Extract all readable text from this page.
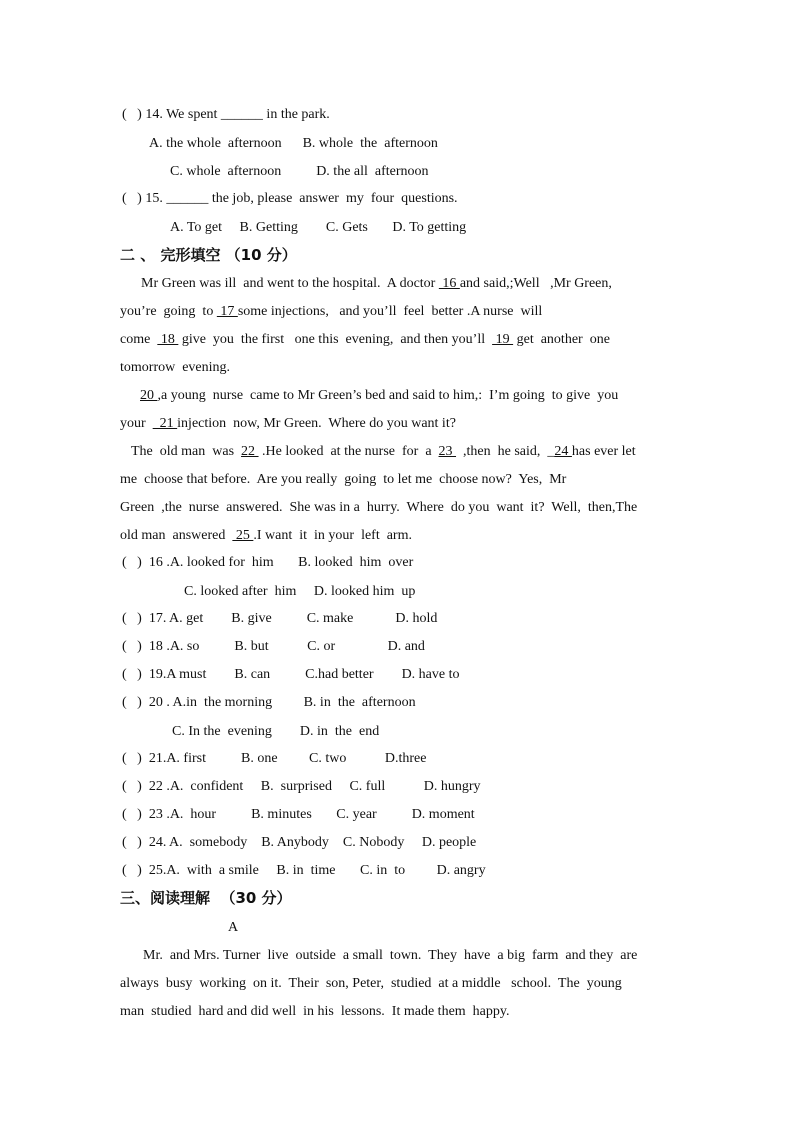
(   ) 14. We spent ______ in the park.
A. the whole  afternoon      B. whole  the  afternoon
C. whole  afternoon          D. the all  afternoon
(   ) 15. ______ the job, please  answer  my  four  questions.
A. To get     B. Getting        C. Gets       D. To getting
二 、 完形填空 （10 分）
Mr Green was ill  and went to the hospital.  A doctor  16 and said,;Well   ,Mr Green,
you’re  going  to  17 some injections,   and you’ll  feel  better .A nurse  will
come   18  give  you  the first   one this  evening,  and then you’ll   19  get  another  one
tomorrow  evening.
20 ,a young  nurse  came to Mr Green’s bed and said to him,:  I’m going  to give  you
your    21 injection  now, Mr Green.  Where do you want it?
The  old man  was  22  .He looked  at the nurse  for  a  23   ,then  he said,  _24 has ever let
me  choose that before.  Are you really  going  to let me  choose now?  Yes,  Mr
Green  ,the  nurse  answered.  She was in a  hurry.  Where  do you  want  it?  Well,  then,The
old man  answered   25 .I want  it  in your  left  arm.
(   )  16 .A. looked for  him       B. looked  him  over
C. looked after  him     D. looked him  up
(   )  17. A. get        B. give          C. make            D. hold
(   )  18 .A. so          B. but           C. or               D. and
(   )  19.A must        B. can          C.had better        D. have to
(   )  20 . A.in  the morning         B. in  the  afternoon
C. In the  evening        D. in  the  end
(   )  21.A. first          B. one         C. two           D.three
(   )  22 .A.  confident     B.  surprised     C. full           D. hungry
(   )  23 .A.  hour          B. minutes       C. year          D. moment
(   )  24. A.  somebody    B. Anybody    C. Nobody     D. people
(   )  25.A.  with  a smile     B. in  time       C. in  to         D. angry
三、阅读理解  （30 分）
A
Mr.  and Mrs. Turner  live  outside  a small  town.  They  have  a big  farm  and they  are
always  busy  working  on it.  Their  son, Peter,  studied  at a middle   school.  The  young
man  studied  hard and did well  in his  lessons.  It made them  happy.
